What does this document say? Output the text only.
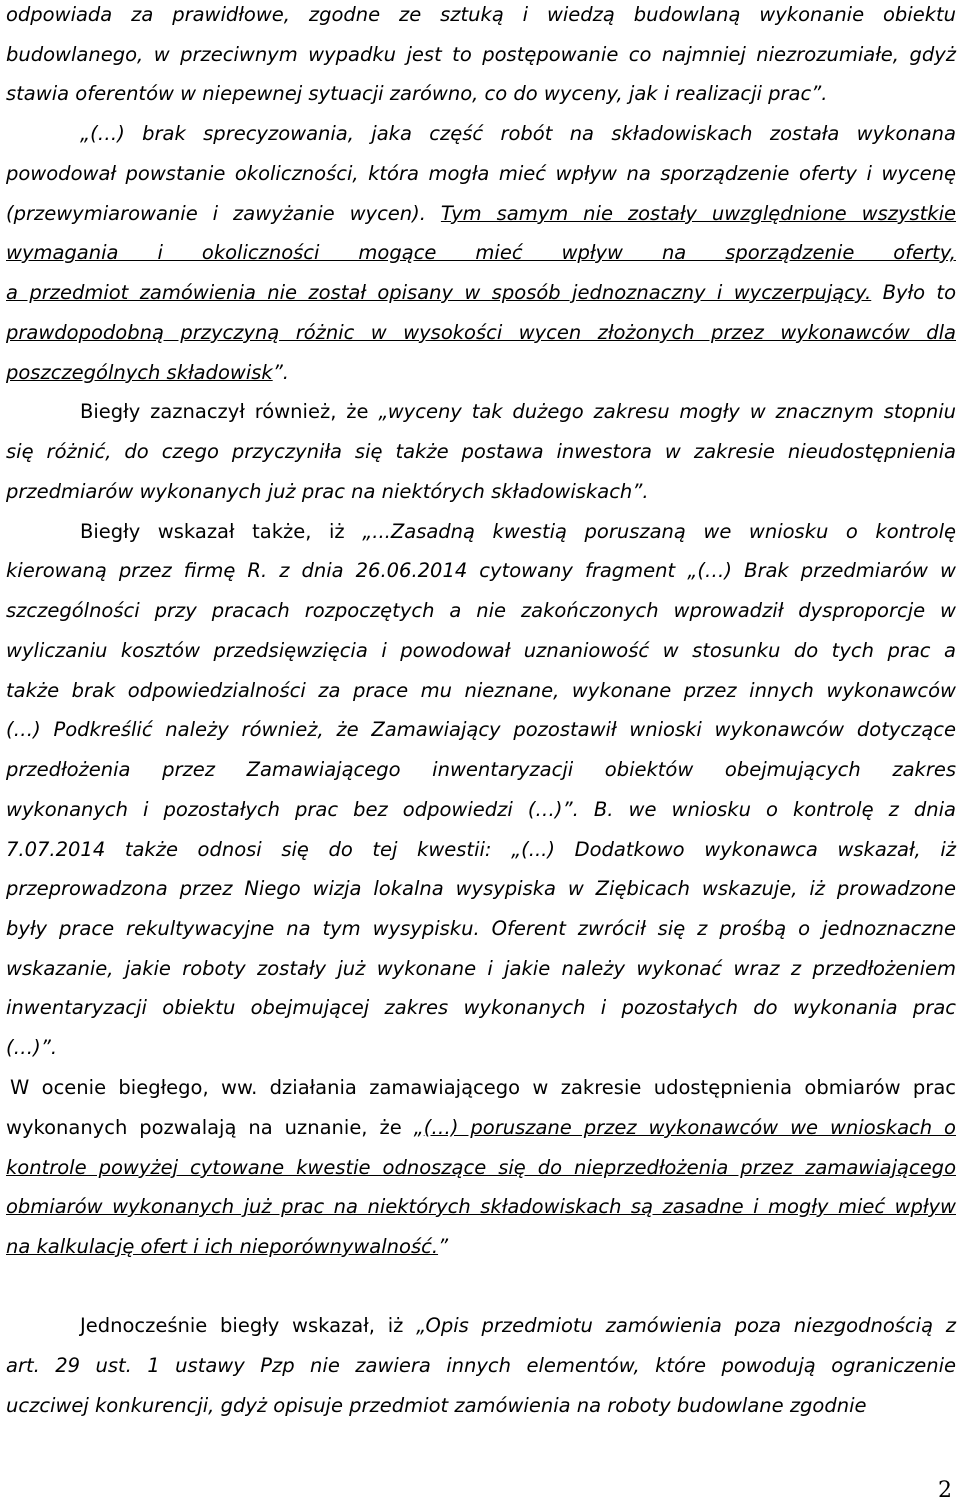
odpowiada za prawidłowe, zgodne ze sztuką i wiedzą budowlaną wykonanie obiektu
budowlanego, w przeciwnym wypadku jest to postępowanie co najmniej niezrozumiałe, gdyż
stawia oferentów w niepewnej sytuacji zarówno, co do wyceny, jak i realizacji prac”.
„(…) brak sprecyzowania, jaka część robót na składowiskach została wykonana
powodował powstanie okoliczności, która mogła mieć wpływ na sporządzenie oferty i wycenę
(przewymiarowanie i zawyżanie wycen). Tym samym nie zostały uwzględnione wszystkie
wymagania i okoliczności mogące mieć wpływ na sporządzenie oferty,
a przedmiot zamówienia nie został opisany w sposób jednoznaczny i wyczerpujący. Było to
prawdopodobną przyczyną różnic w wysokości wycen złożonych przez wykonawców dla
poszczególnych składowisk”.
Biegły zaznaczył również, że „wyceny tak dużego zakresu mogły w znacznym stopniu
się różnić, do czego przyczyniła się także postawa inwestora w zakresie nieudostępnienia
przedmiarów wykonanych już prac na niektórych składowiskach”.
Biegły wskazał także, iż „...Zasadną kwestią poruszaną we wniosku o kontrolę
kierowaną przez firmę R. z dnia 26.06.2014 cytowany fragment „(…) Brak przedmiarów w
szczególności przy pracach rozpoczętych a nie zakończonych wprowadził dysproporcje w
wyliczaniu kosztów przedsięwzięcia i powodował uznaniowość w stosunku do tych prac a
także brak odpowiedzialności za prace mu nieznane, wykonane przez innych wykonawców
(…) Podkreślić należy również, że Zamawiający pozostawił wnioski wykonawców dotyczące
przedłożenia przez Zamawiającego inwentaryzacji obiektów obejmujących zakres
wykonanych i pozostałych prac bez odpowiedzi (…)”. B. we wniosku o kontrolę z dnia
7.07.2014 także odnosi się do tej kwestii: „(...) Dodatkowo wykonawca wskazał, iż
przeprowadzona przez Niego wizja lokalna wysypiska w Ziębicach wskazuje, iż prowadzone
były prace rekultywacyjne na tym wysypisku. Oferent zwrócił się z prośbą o jednoznaczne
wskazanie, jakie roboty zostały już wykonane i jakie należy wykonać wraz z przedłożeniem
inwentaryzacji obiektu obejmującej zakres wykonanych i pozostałych do wykonania prac
(…)”.
W ocenie biegłego, ww. działania zamawiającego w zakresie udostępnienia obmiarów prac
wykonanych pozwalają na uznanie, że „(…) poruszane przez wykonawców we wnioskach o
kontrole powyżej cytowane kwestie odnoszące się do nieprzedłożenia przez zamawiającego
obmiarów wykonanych już prac na niektórych składowiskach są zasadne i mogły mieć wpływ
na kalkulację ofert i ich nieporównywalność.”
Jednocześnie biegły wskazał, iż „Opis przedmiotu zamówienia poza niezgodnością z
art. 29 ust. 1 ustawy Pzp nie zawiera innych elementów, które powodują ograniczenie
uczciwej konkurencji, gdyż opisuje przedmiot zamówienia na roboty budowlane zgodnie
2
